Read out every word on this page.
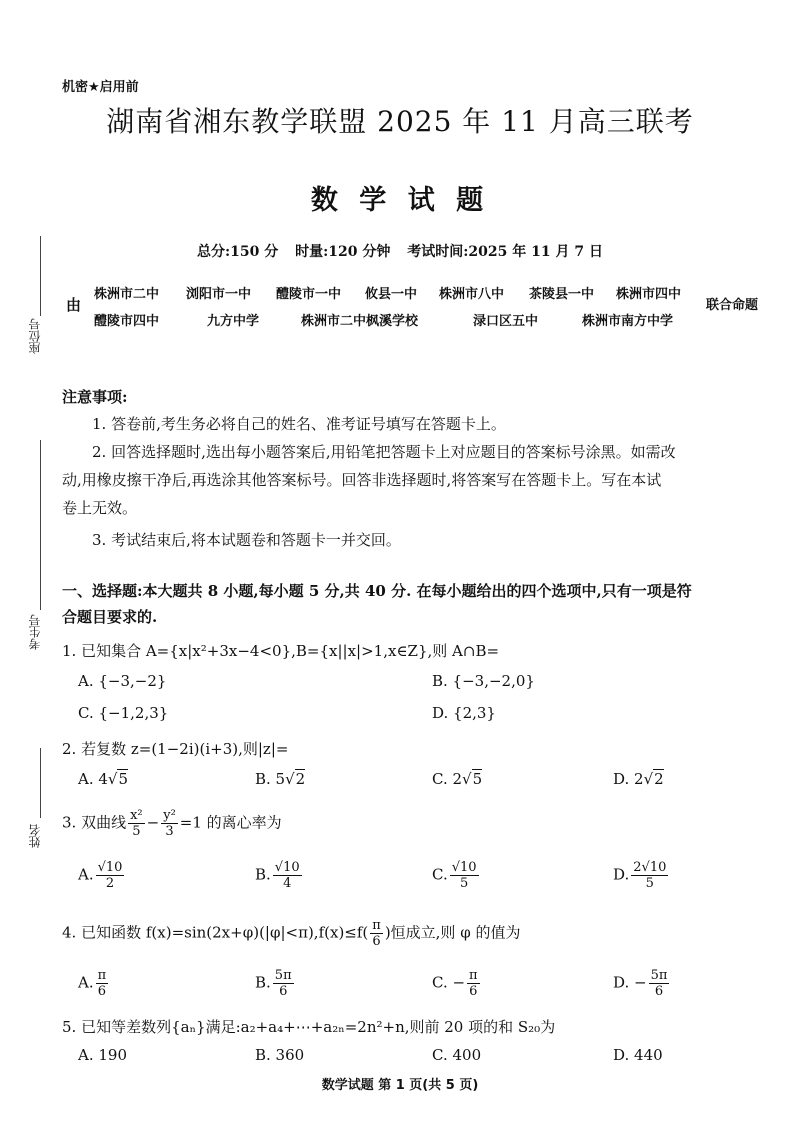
机密★启用前
湖南省湘东教学联盟 2025 年 11 月高三联考
数 学 试 题
总分:150 分 时量:120 分钟 考试时间:2025 年 11 月 7 日
由
株洲市二中 浏阳市一中 醴陵市一中 攸县一中 株洲市八中 茶陵县一中 株洲市四中
醴陵市四中	九方中学	株洲市二中枫溪学校	渌口区五中	株洲市南方中学
联合命题
座位号
考生号
姓名
注意事项:
1. 答卷前,考生务必将自己的姓名、准考证号填写在答题卡上。
2. 回答选择题时,选出每小题答案后,用铅笔把答题卡上对应题目的答案标号涂黑。如需改
动,用橡皮擦干净后,再选涂其他答案标号。回答非选择题时,将答案写在答题卡上。写在本试
卷上无效。
3. 考试结束后,将本试题卷和答题卡一并交回。
一、选择题:本大题共 8 小题,每小题 5 分,共 40 分. 在每小题给出的四个选项中,只有一项是符
合题目要求的.
1. 已知集合 A={x|x²+3x−4<0},B={x||x|>1,x∈Z},则 A∩B=
A. {−3,−2}	B. {−3,−2,0}
C. {−1,2,3}	D. {2,3}
2. 若复数 z=(1−2i)(i+3),则|z|=
A. 4√5	B. 5√2	C. 2√5	D. 2√2
3. 双曲线 $\frac{\text{x²}}{5} - \frac{\text{y²}}{3} =1$ 的离心率为
A. $\frac{√10}{2}$	B. $\frac{√10}{4}$	C. $\frac{√10}{5}$	D. $\frac{2√10}{5}$
4. 已知函数 $f(x)=\sin(2x+\varphi)(|\varphi|<\pi),f(x)\le f( \frac{\pi}{6}$ )恒成立,则 φ 的值为
A. $\frac{\pi}{6}$	B. $\frac{5\pi}{6}$	C. − $\frac{\pi}{6}$	D. − $\frac{5\pi}{6}$
5. 已知等差数列{aₙ}满足:a₂+a₄+⋯+a₂ₙ=2n²+n,则前 20 项的和 S₂₀为
A. 190	B. 360	C. 400	D. 440
数学试题 第 1 页(共 5 页)
